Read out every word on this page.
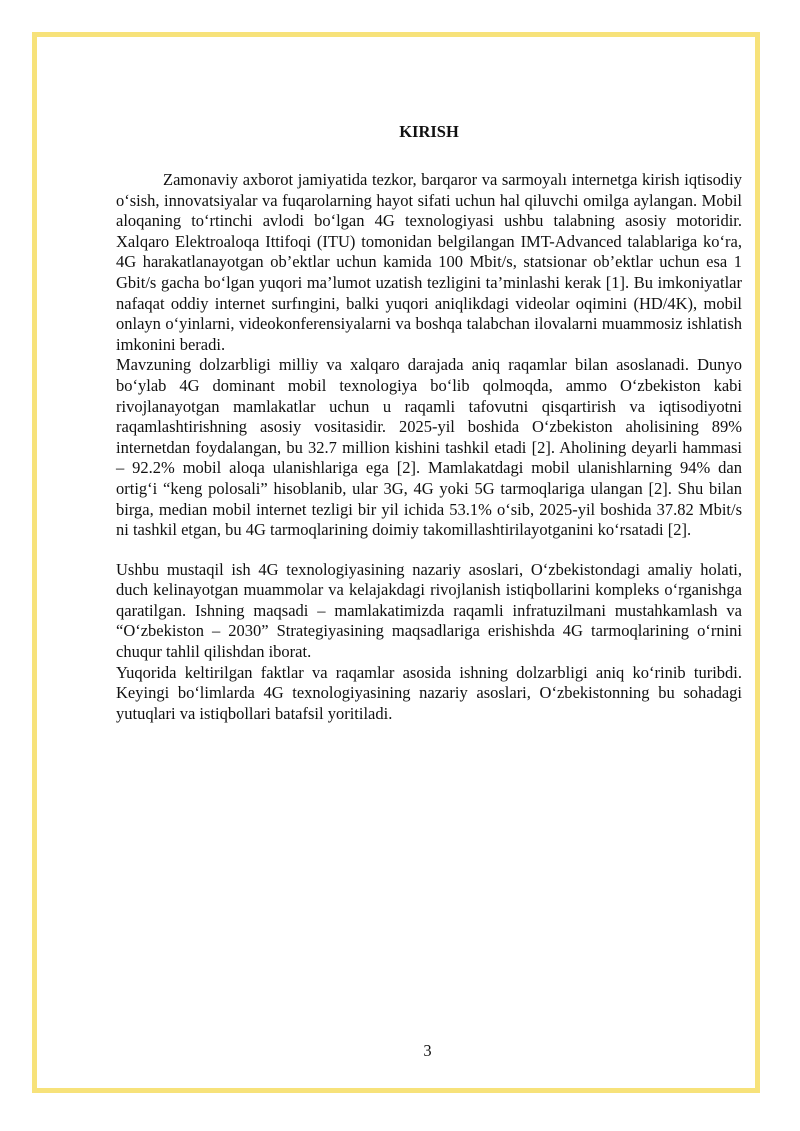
KIRISH

Zamonaviy axborot jamiyatida tezkor, barqaror va sarmoyalı internetga kirish iqtisodiy o‘sish, innovatsiyalar va fuqarolarning hayot sifati uchun hal qiluvchi omilga aylangan. Mobil aloqaning to‘rtinchi avlodi bo‘lgan 4G texnologiyasi ushbu talabning asosiy motoridir. Xalqaro Elektroaloqa Ittifoqi (ITU) tomonidan belgilangan IMT-Advanced talablariga ko‘ra, 4G harakatlanayotgan ob’ektlar uchun kamida 100 Mbit/s, statsionar ob’ektlar uchun esa 1 Gbit/s gacha bo‘lgan yuqori ma’lumot uzatish tezligini ta’minlashi kerak [1]. Bu imkoniyatlar nafaqat oddiy internet surfıngini, balki yuqori aniqlikdagi videolar oqimini (HD/4K), mobil onlayn o‘yinlarni, videokonferensiyalarni va boshqa talabchan ilovalarni muammosiz ishlatish imkonini beradi.

Mavzuning dolzarbligi milliy va xalqaro darajada aniq raqamlar bilan asoslanadi. Dunyo bo‘ylab 4G dominant mobil texnologiya bo‘lib qolmoqda, ammo O‘zbekiston kabi rivojlanayotgan mamlakatlar uchun u raqamli tafovutni qisqartirish va iqtisodiyotni raqamlashtirishning asosiy vositasidir. 2025-yil boshida O‘zbekiston aholisining 89% internetdan foydalangan, bu 32.7 million kishini tashkil etadi [2]. Aholining deyarli hammasi – 92.2% mobil aloqa ulanishlariga ega [2]. Mamlakatdagi mobil ulanishlarning 94% dan ortig‘i “keng polosali” hisoblanib, ular 3G, 4G yoki 5G tarmoqlariga ulangan [2]. Shu bilan birga, median mobil internet tezligi bir yil ichida 53.1% o‘sib, 2025-yil boshida 37.82 Mbit/s ni tashkil etgan, bu 4G tarmoqlarining doimiy takomillashtirilayotganini ko‘rsatadi [2].

Ushbu mustaqil ish 4G texnologiyasining nazariy asoslari, O‘zbekistondagi amaliy holati, duch kelinayotgan muammolar va kelajakdagi rivojlanish istiqbollarini kompleks o‘rganishga qaratilgan. Ishning maqsadi – mamlakatimizda raqamli infratuzilmani mustahkamlash va “O‘zbekiston – 2030” Strategiyasining maqsadlariga erishishda 4G tarmoqlarining o‘rnini chuqur tahlil qilishdan iborat.

Yuqorida keltirilgan faktlar va raqamlar asosida ishning dolzarbligi aniq ko‘rinib turibdi. Keyingi bo‘limlarda 4G texnologiyasining nazariy asoslari, O‘zbekistonning bu sohadagi yutuqlari va istiqbollari batafsil yoritiladi.

3
